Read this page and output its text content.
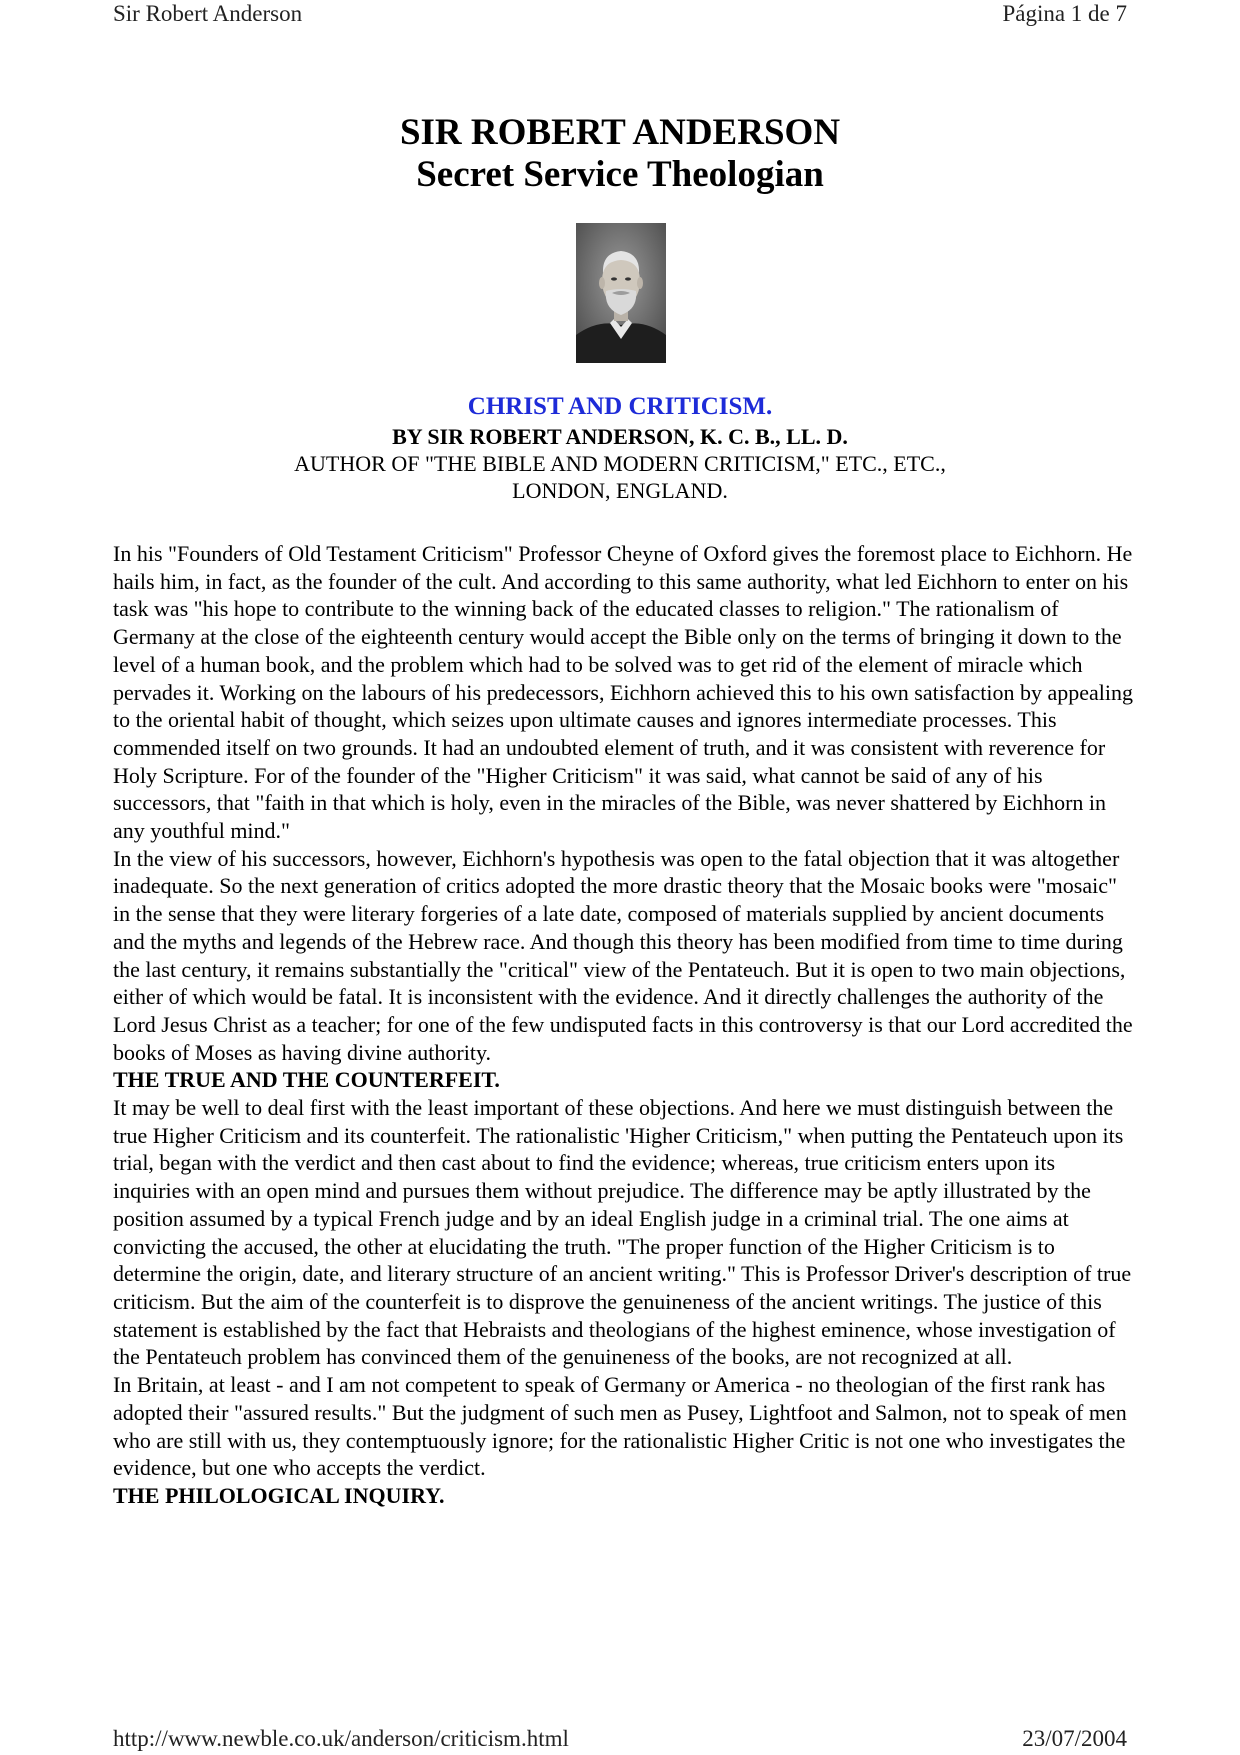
Sir Robert Anderson	Página 1 de 7
SIR ROBERT ANDERSON
Secret Service Theologian
CHRIST AND CRITICISM.
BY SIR ROBERT ANDERSON, K. C. B., LL. D.
AUTHOR OF "THE BIBLE AND MODERN CRITICISM," ETC., ETC.,
LONDON, ENGLAND.

In his "Founders of Old Testament Criticism" Professor Cheyne of Oxford gives the foremost place to Eichhorn. He hails him, in fact, as the founder of the cult. And according to this same authority, what led Eichhorn to enter on his task was "his hope to contribute to the winning back of the educated classes to religion." The rationalism of Germany at the close of the eighteenth century would accept the Bible only on the terms of bringing it down to the level of a human book, and the problem which had to be solved was to get rid of the element of miracle which pervades it. Working on the labours of his predecessors, Eichhorn achieved this to his own satisfaction by appealing to the oriental habit of thought, which seizes upon ultimate causes and ignores intermediate processes. This commended itself on two grounds. It had an undoubted element of truth, and it was consistent with reverence for Holy Scripture. For of the founder of the "Higher Criticism" it was said, what cannot be said of any of his successors, that "faith in that which is holy, even in the miracles of the Bible, was never shattered by Eichhorn in any youthful mind."

In the view of his successors, however, Eichhorn's hypothesis was open to the fatal objection that it was altogether inadequate. So the next generation of critics adopted the more drastic theory that the Mosaic books were "mosaic" in the sense that they were literary forgeries of a late date, composed of materials supplied by ancient documents and the myths and legends of the Hebrew race. And though this theory has been modified from time to time during the last century, it remains substantially the "critical" view of the Pentateuch. But it is open to two main objections, either of which would be fatal. It is inconsistent with the evidence. And it directly challenges the authority of the Lord Jesus Christ as a teacher; for one of the few undisputed facts in this controversy is that our Lord accredited the books of Moses as having divine authority.

THE TRUE AND THE COUNTERFEIT.

It may be well to deal first with the least important of these objections. And here we must distinguish between the true Higher Criticism and its counterfeit. The rationalistic 'Higher Criticism," when putting the Pentateuch upon its trial, began with the verdict and then cast about to find the evidence; whereas, true criticism enters upon its inquiries with an open mind and pursues them without prejudice. The difference may be aptly illustrated by the position assumed by a typical French judge and by an ideal English judge in a criminal trial. The one aims at convicting the accused, the other at elucidating the truth. "The proper function of the Higher Criticism is to determine the origin, date, and literary structure of an ancient writing." This is Professor Driver's description of true criticism. But the aim of the counterfeit is to disprove the genuineness of the ancient writings. The justice of this statement is established by the fact that Hebraists and theologians of the highest eminence, whose investigation of the Pentateuch problem has convinced them of the genuineness of the books, are not recognized at all.

In Britain, at least - and I am not competent to speak of Germany or America - no theologian of the first rank has adopted their "assured results." But the judgment of such men as Pusey, Lightfoot and Salmon, not to speak of men who are still with us, they contemptuously ignore; for the rationalistic Higher Critic is not one who investigates the evidence, but one who accepts the verdict.

THE PHILOLOGICAL INQUIRY.
http://www.newble.co.uk/anderson/criticism.html	23/07/2004
